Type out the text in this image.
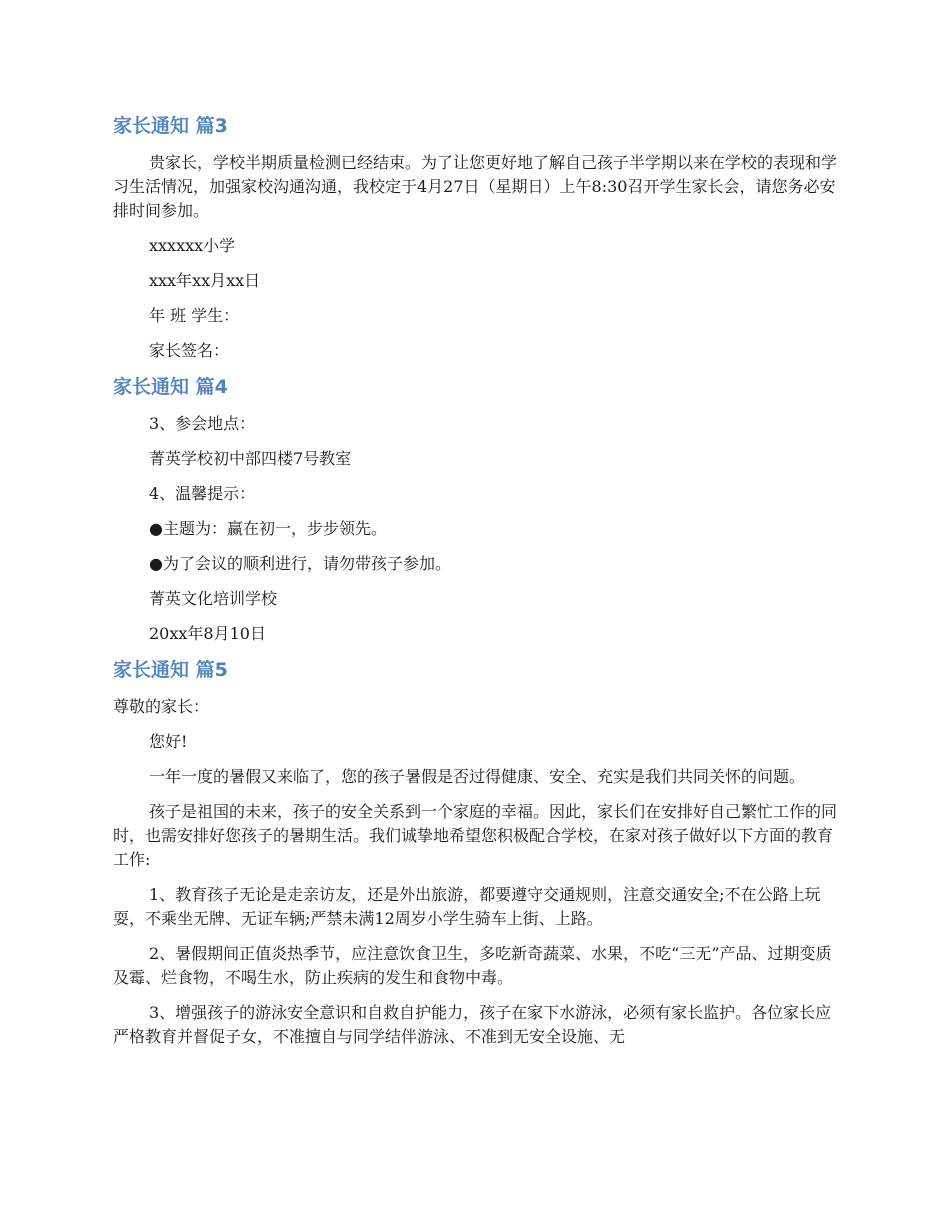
家长通知 篇3

贵家长，学校半期质量检测已经结束。为了让您更好地了解自己孩子半学期以来在学校的表现和学习生活情况，加强家校沟通沟通，我校定于4月27日（星期日）上午8:30召开学生家长会，请您务必安排时间参加。

xxxxxx小学

xxx年xx月xx日

年 班 学生：

家长签名：

家长通知 篇4

3、参会地点：

菁英学校初中部四楼7号教室

4、温馨提示：

●主题为：赢在初一，步步领先。

●为了会议的顺利进行，请勿带孩子参加。

菁英文化培训学校

20xx年8月10日

家长通知 篇5

尊敬的家长：

您好!

一年一度的暑假又来临了，您的孩子暑假是否过得健康、安全、充实是我们共同关怀的问题。

孩子是祖国的未来，孩子的安全关系到一个家庭的幸福。因此，家长们在安排好自己繁忙工作的同时，也需安排好您孩子的暑期生活。我们诚挚地希望您积极配合学校，在家对孩子做好以下方面的教育工作:

1、教育孩子无论是走亲访友，还是外出旅游，都要遵守交通规则，注意交通安全;不在公路上玩耍，不乘坐无牌、无证车辆;严禁未满12周岁小学生骑车上街、上路。

2、暑假期间正值炎热季节，应注意饮食卫生，多吃新奇蔬菜、水果，不吃“三无”产品、过期变质及霉、烂食物，不喝生水，防止疾病的发生和食物中毒。

3、增强孩子的游泳安全意识和自救自护能力，孩子在家下水游泳，必须有家长监护。各位家长应严格教育并督促子女，不准擅自与同学结伴游泳、不准到无安全设施、无
